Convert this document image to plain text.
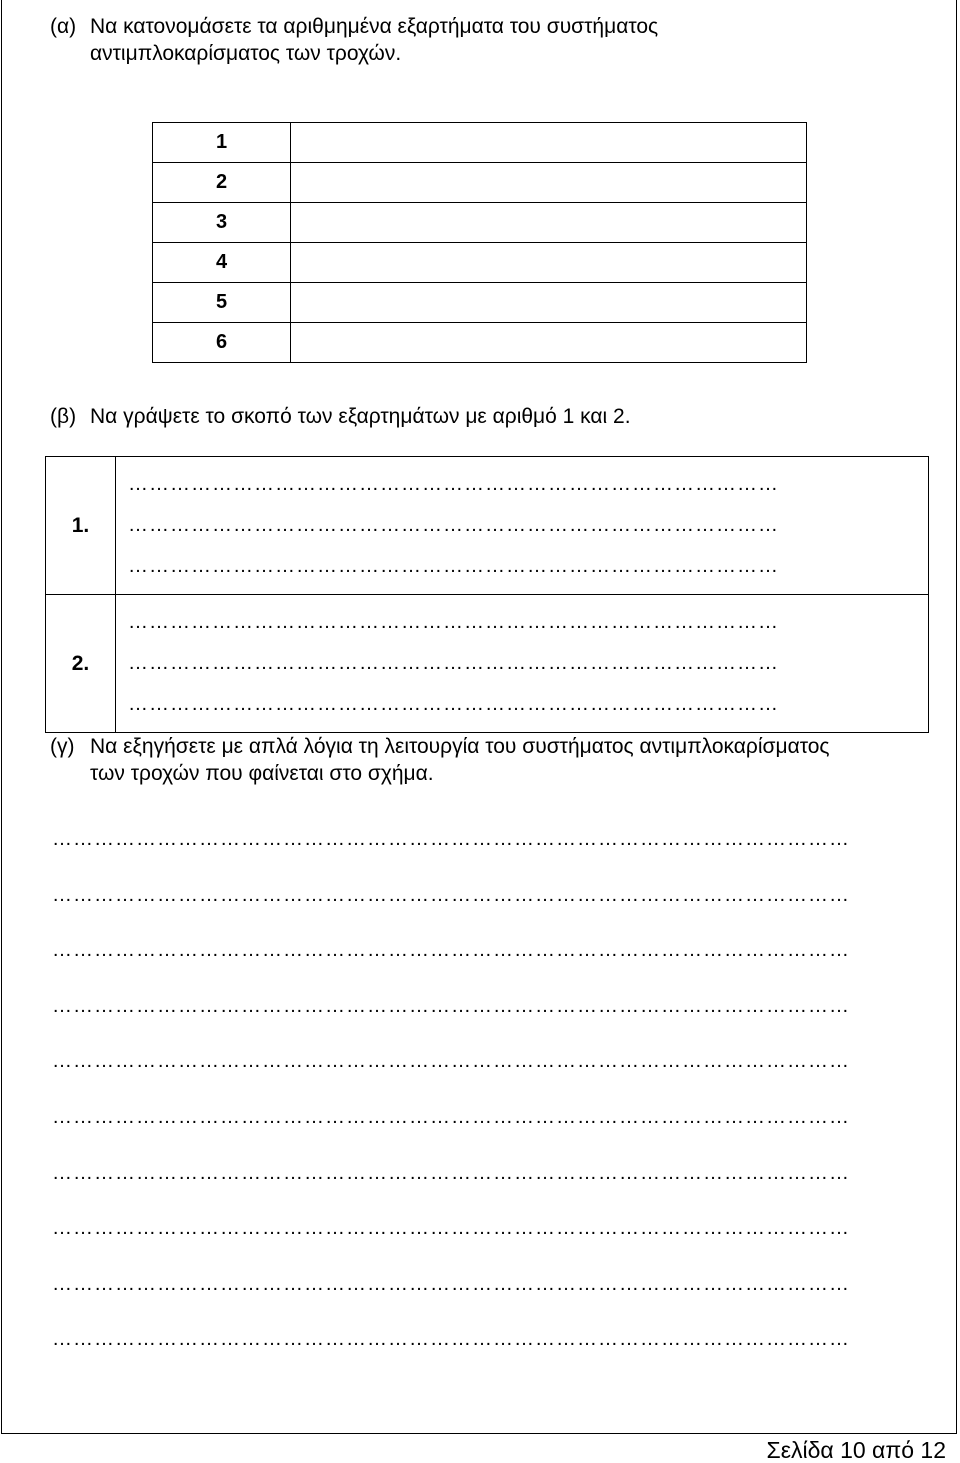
(α) Να κατονομάσετε τα αριθμημένα εξαρτήματα του συστήματος
αντιμπλοκαρίσματος των τροχών.
1	
2	
3	
4	
5	
6	
(β) Να γράψετε το σκοπό των εξαρτημάτων με αριθμό 1 και 2.
1.	…………………………………………………………………………………
…………………………………………………………………………………
…………………………………………………………………………………

2.	…………………………………………………………………………………
…………………………………………………………………………………
…………………………………………………………………………………
(γ) Να εξηγήσετε με απλά λόγια τη λειτουργία του συστήματος αντιμπλοκαρίσματος
των τροχών που φαίνεται στο σχήμα.
……………………………………………………………………………………………………
……………………………………………………………………………………………………
……………………………………………………………………………………………………
……………………………………………………………………………………………………
……………………………………………………………………………………………………
……………………………………………………………………………………………………
……………………………………………………………………………………………………
……………………………………………………………………………………………………
……………………………………………………………………………………………………
……………………………………………………………………………………………………
Σελίδα 10 από 12
